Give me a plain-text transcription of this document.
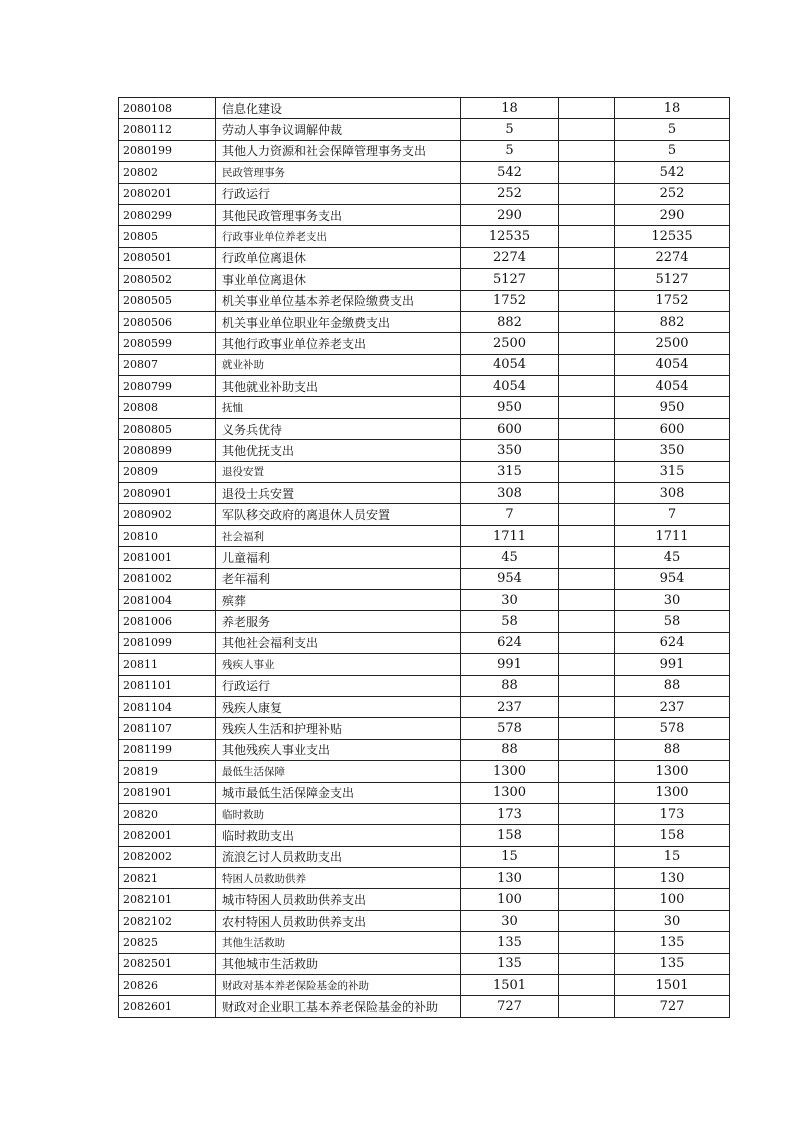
2080108	信息化建设	18		18
2080112	劳动人事争议调解仲裁	5		5
2080199	其他人力资源和社会保障管理事务支出	5		5
20802	民政管理事务	542		542
2080201	行政运行	252		252
2080299	其他民政管理事务支出	290		290
20805	行政事业单位养老支出	12535		12535
2080501	行政单位离退休	2274		2274
2080502	事业单位离退休	5127		5127
2080505	机关事业单位基本养老保险缴费支出	1752		1752
2080506	机关事业单位职业年金缴费支出	882		882
2080599	其他行政事业单位养老支出	2500		2500
20807	就业补助	4054		4054
2080799	其他就业补助支出	4054		4054
20808	抚恤	950		950
2080805	义务兵优待	600		600
2080899	其他优抚支出	350		350
20809	退役安置	315		315
2080901	退役士兵安置	308		308
2080902	军队移交政府的离退休人员安置	7		7
20810	社会福利	1711		1711
2081001	儿童福利	45		45
2081002	老年福利	954		954
2081004	殡葬	30		30
2081006	养老服务	58		58
2081099	其他社会福利支出	624		624
20811	残疾人事业	991		991
2081101	行政运行	88		88
2081104	残疾人康复	237		237
2081107	残疾人生活和护理补贴	578		578
2081199	其他残疾人事业支出	88		88
20819	最低生活保障	1300		1300
2081901	城市最低生活保障金支出	1300		1300
20820	临时救助	173		173
2082001	临时救助支出	158		158
2082002	流浪乞讨人员救助支出	15		15
20821	特困人员救助供养	130		130
2082101	城市特困人员救助供养支出	100		100
2082102	农村特困人员救助供养支出	30		30
20825	其他生活救助	135		135
2082501	其他城市生活救助	135		135
20826	财政对基本养老保险基金的补助	1501		1501
2082601	财政对企业职工基本养老保险基金的补助	727		727
